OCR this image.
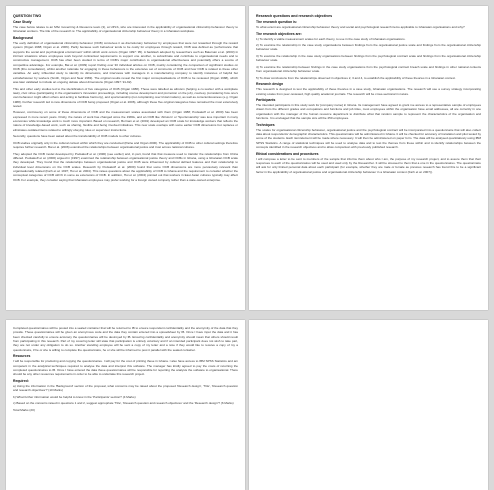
QUESTION TWO
Case Study

The case below relates to an MSc Governing & Resource team (3), at UPLS, who are interested in the applicability of organisational citizenship behaviour theory to Ghanaian workers. The title of the research is: The applicability of organisational citizenship behaviour theory in a Ghanaian workplace.

Background

The early definition of organisational citizenship behaviour (OCB) conceives it as discretionary behaviour by employees that were not rewarded through the reward system (Organ 1988; Organ et al. 2006). Partly because such behaviour tends to be costly for employees through reward, OCB was defined as 'performance that supports the social and psychological environment' within which work occurs (Organ 1997: 95). A backlash adopted by researchers such as Bateman et al. (2003) in intrinsic situations where employees work beyond contractual requirements to support one another, to subordinate and contribute to organisational needs and to constructive management. OCB has often been studied in terms of OCB's major contribution to organisational effectiveness and potentially offers a source of competitive advantage. For example, Bai et al. (2009) report finding over 30 individual articles on OCB, mainly considering the comparison of significant studies on OCB (Dru consultation), whilst another rationale for engaging in these behaviours is the extensive set of comments of OCB and how OCB is related to these other variables. An early, influential study to identify its dimensions, and interviews with managers in a manufacturing company to identify instances of helpful but extrabehaviour by workers (Smith, Organ and Near 1983). The original results reveal the first major conceptualisations of OCB to be reviewed (Organ 1988), which was later validated to include an ongoing debate about dimensions (Organ 1997: 91-92).

This and other early studies led to the identification of five categories of OCB (Organ 1988). These were labelled as altruism (helping a co-worker with a workplace task), civic virtue (participating in the organisation's innovation proceedings, including course development and promotion on the job), courtesy (considering how one's own behaviour might affect others and acting to facilitate harmony), and sportsmanship (not complaining over trivial matters), as well as conscientiousness (e.g. Organ 1988). Further research led to new dimensions of OCB being proposed (Organ et al. 2006), although these five original categories have remained the most extensively tested.

However, controversy on some of these dimensions of OCB and the measurement scales associated with them (Organ 1988; Podsakoff et al. 2000) has been expressed in more recent years. Firstly, the nature of work has changed since the 1980s, and an OCB like 'Altruism' or 'Sportsmanship' was less important in many economies while knowledge work is much more important. Based on research, Borman et al. (2001) developed an OCB scale for knowledge workers that reflects the nature of knowledge-based work, such as sharing, flexible and being involved initiatives. This new scale overlaps with some earlier OCB dimensions but replaces or eliminates outdated items related to willingly obeying rules or supervisor instructions.

Secondly, questions have been asked about the transferability of OCB models to other cultures.

OCB studies originally only in the cultural context within which they are conducted (Paine and Organ 2000). The applicability of OCB to other cultural settings therefore requires further research. Bai et al. (2006) examined the relationships between organisational justice and trust across national cultures.

They adopted the OCB model developed by Podsakoff et al. (1990) (see earlier) and, in part, found that that measure used to transfer the relationships from China differed. Podsakoff et al. (2000) argued in (1997) examined the relationship between organisational justice theory and OCBs in Ghana, using a Ghanaian OCB scale they developed. They found that the relationships between organisational justice and OCB were influenced by cultural defined features and their relationship to individual level dimensions on the OCB scales. Research by Podsakoff et al. (2000) found that some OCB dimensions are more pervasively relevant than organisationally related (Farh et al. 1997; Hui et al. 2004). This raises questions about the applicability of OCB to Ghana and the requirement to consider whether the conceptual categories of OCB still fit in some as extensions of OCB. In addition, Hui et al. (2004) pointed out that workers in East Asian cultures typically may affect OCB. For example, they consider saying that Ghanaian employees may prefer working for a foreign owned company rather than a state-owned enterprise.

Research questions and research objectives
The research question is:

To what extent are organisational citizenship behaviour theory and social and psychological research items applicable to Ghanaian organisations and why?

The research objectives are:

1) To identify a viable measurement scales for each theory, to use in the case study of Ghanaian organisations.

2) To examine the relationship in the case study organisations between findings from the organisational justice scale and findings from the organisational citizenship behaviour scale.

3) To examine the relationship in the case study organisations between findings from the psychological contract scale and findings from the organisational citizenship behaviour scale.

4) To examine the relationship between findings in the case study organisations from the psychological contract breach scale and findings in other national contexts from organisational citizenship behaviour scale.

5) To draw conclusions from the relationships observed in objectives 2, 3 and 4, to establish the applicability of these theories in a Ghanaian context.

Research design

This research is designed to test the applicability of these theories in a case study, Ghanaian organisations. The research will use a survey strategy incorporating existing scales from peer-reviewed, high quality academic journals. The research will be cross-sectional in nature.

Participants

The intended participants in this study work for [company name] in Ghana. Its management have agreed to grant me access to a representative sample of employees drawn from the different grades and occupations and functions and job titles, most employees within the organisation have email addresses, all are currently in one organisation with the manager of the human resource department to distribute what that random sample to represent the characteristics of the organisation and functions. It is envisaged that the sample size will be 250 employees.

Techniques

The scales for organisational citizenship behaviour, organisational justice and the psychological contract will be incorporated into a questionnaire that will also collect data about respondents' demographic characteristics. This questionnaire will be administered in Ghana. It will be checked for accuracy of translation and pilot tested by some of the students. Each item/element will be made where necessary. It will then be administered on paper form. The data will be analysed quantitatively using IBM SPSS Statistics. A range of statistical techniques will be used to analyse data and to test the themes from these within and to identify relationships between the concepts identified in the research objectives and to allow comparison with previously published research.

Ethical considerations and procedures

I will compose a letter to be sent to members of the sample that informs them about who I am, the purpose of my research project, and to assure them that their responses to each of the questionnaires will be used and used only by the Researcher. It will be stressed to them that a one in the questionnaires. The questionnaire will ask for only limited personal data about each participant (for example, whether they are male or female as previous research has found this to be a significant factor in the applicability of organisational justice and organisational citizenship behaviour in a Ghanaian context (Farh et al. 2007)).

Completed questionnaires will be posted into a sealed container that will be returned to IB to ensure respondent confidentiality and the anonymity of the data that they provide. These questionnaires will be given an anonymous code and the data they contain entered into a spreadsheet by IB. Once I have input the data and it has been checked carefully to ensure accuracy the questionnaires will be destroyed by IB. Ensuring confidentiality and anonymity should mean that others should result from participating in this research. Part of my covering letter will state that participation is entirely voluntary and if an intended participant does not wish to take part, they are not under any obligation to do so. Another standing employee will be sent a copy of my letter and a note if they would like to receive a copy of my a questionnaire, if he or she is willing to complete the questionnaire, he or she will be informed to post it parallel with the sealed container.

Resources

I will be responsible for producing and copying the questionnaires. I will pay for the cost of printing these in Ghana. I also have access to IBM SPSS Statistics and am competent in the analytical techniques required to analyse the data and interpret this software. The manager has kindly agreed to pay the costs of returning the completed questionnaires to IB. Once I have entered the data these questionnaires will be responsible for reporting the analysis the software to organisational. There should be any other resources requirements in order to be able to undertake this research project.

Required:

a) Using the information in the 'Background' section of the proposal, what concerns may be raised about the proposed 'Research design', 'Title', 'Research question and research objectives'? (10 Marks)

b) What further information would be helpful to know in the 'Participants' section? (4 Marks)

c) Based on the concerns raised in questions 1 and 2, suggest appropriate 'Title', 'Research question and research objectives' and the 'Research design'? (6 Marks)

Total Marks (20)
